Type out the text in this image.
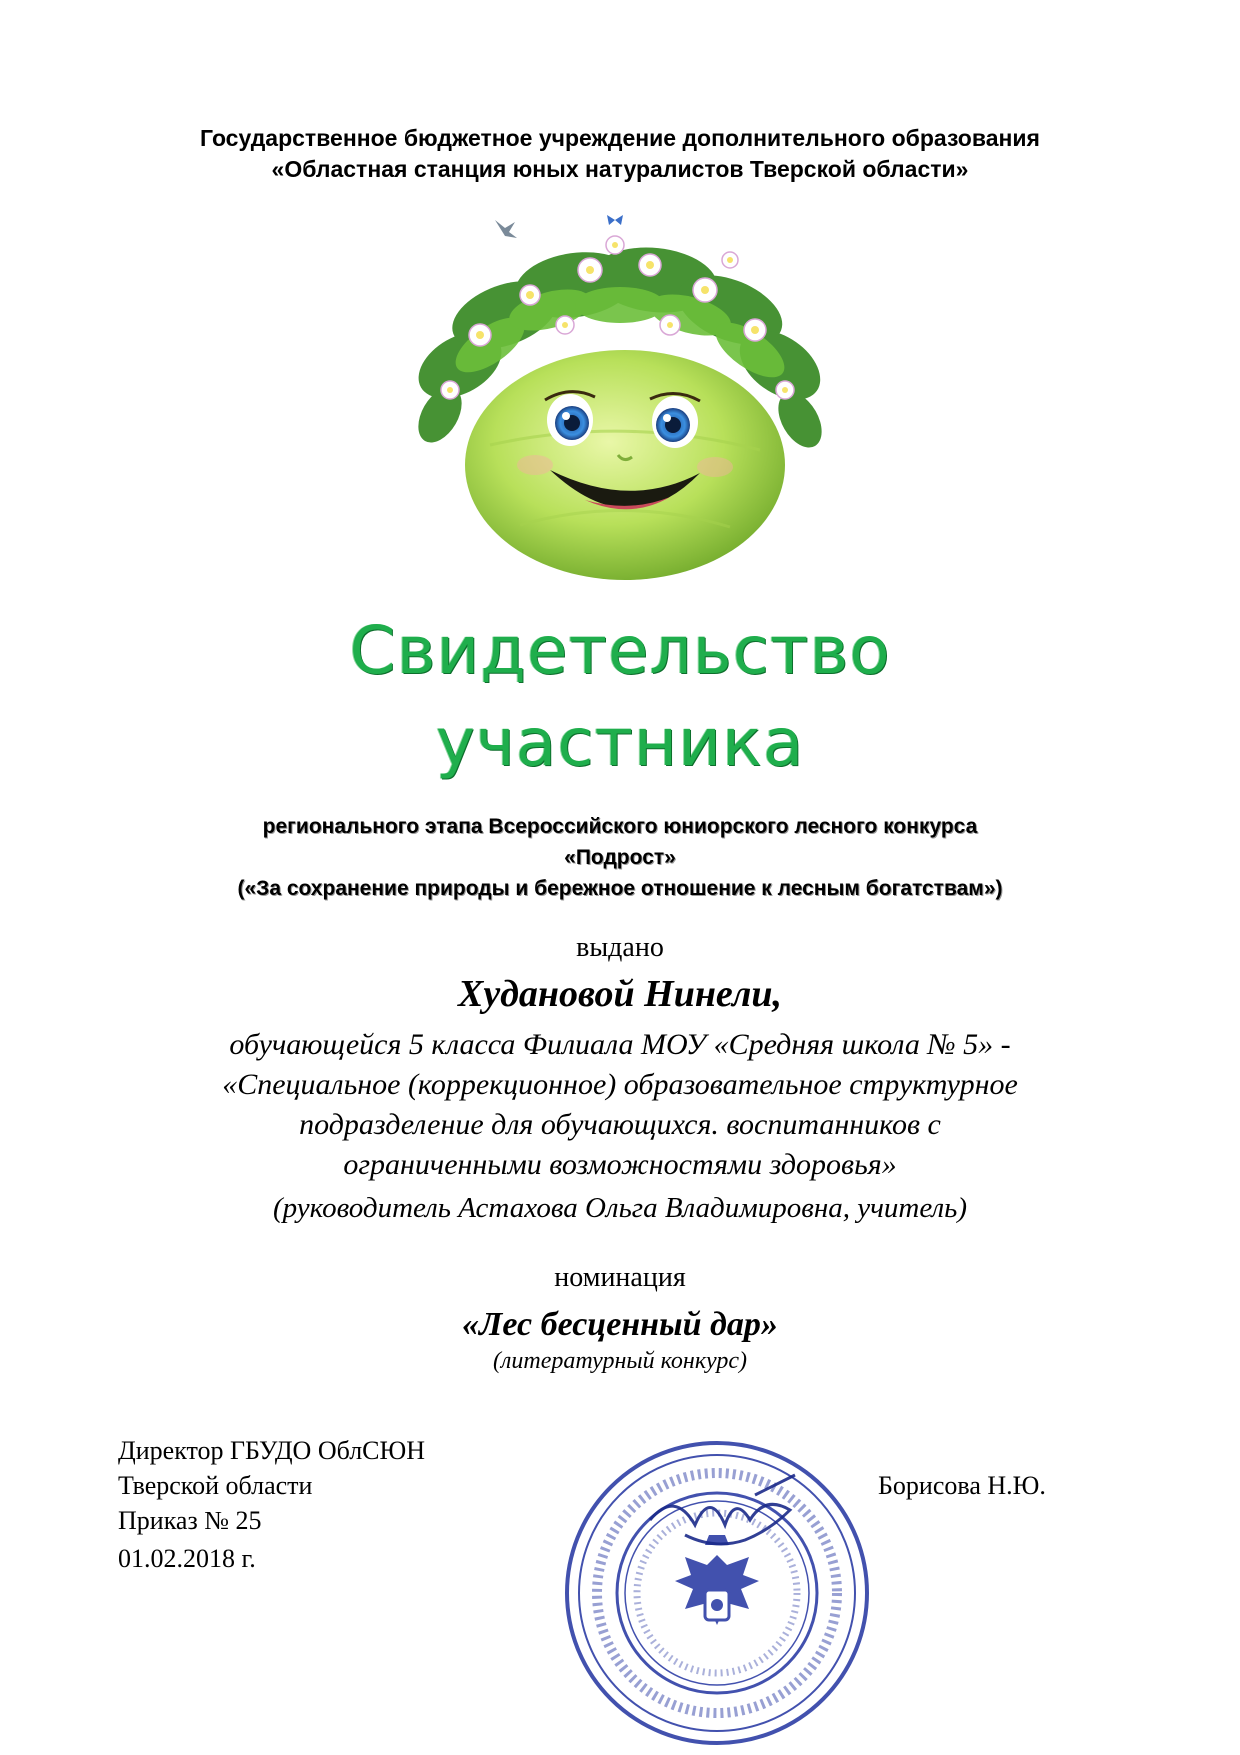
Государственное бюджетное учреждение дополнительного образования
«Областная станция юных натуралистов Тверской области»
Свидетельство
участника
регионального этапа Всероссийского юниорского лесного конкурса
«Подрост»
(«За сохранение природы и бережное отношение к лесным богатствам»)
выдано
Худановой Нинели,
обучающейся 5 класса Филиала МОУ «Средняя школа № 5» -
«Специальное (коррекционное) образовательное структурное
подразделение для обучающихся. воспитанников с
ограниченными возможностями здоровья»
(руководитель Астахова Ольга Владимировна, учитель)
номинация
«Лес бесценный дар»
(литературный конкурс)
Директор ГБУДО ОблСЮН
Тверской области
Приказ № 25
01.02.2018 г.
Борисова Н.Ю.
